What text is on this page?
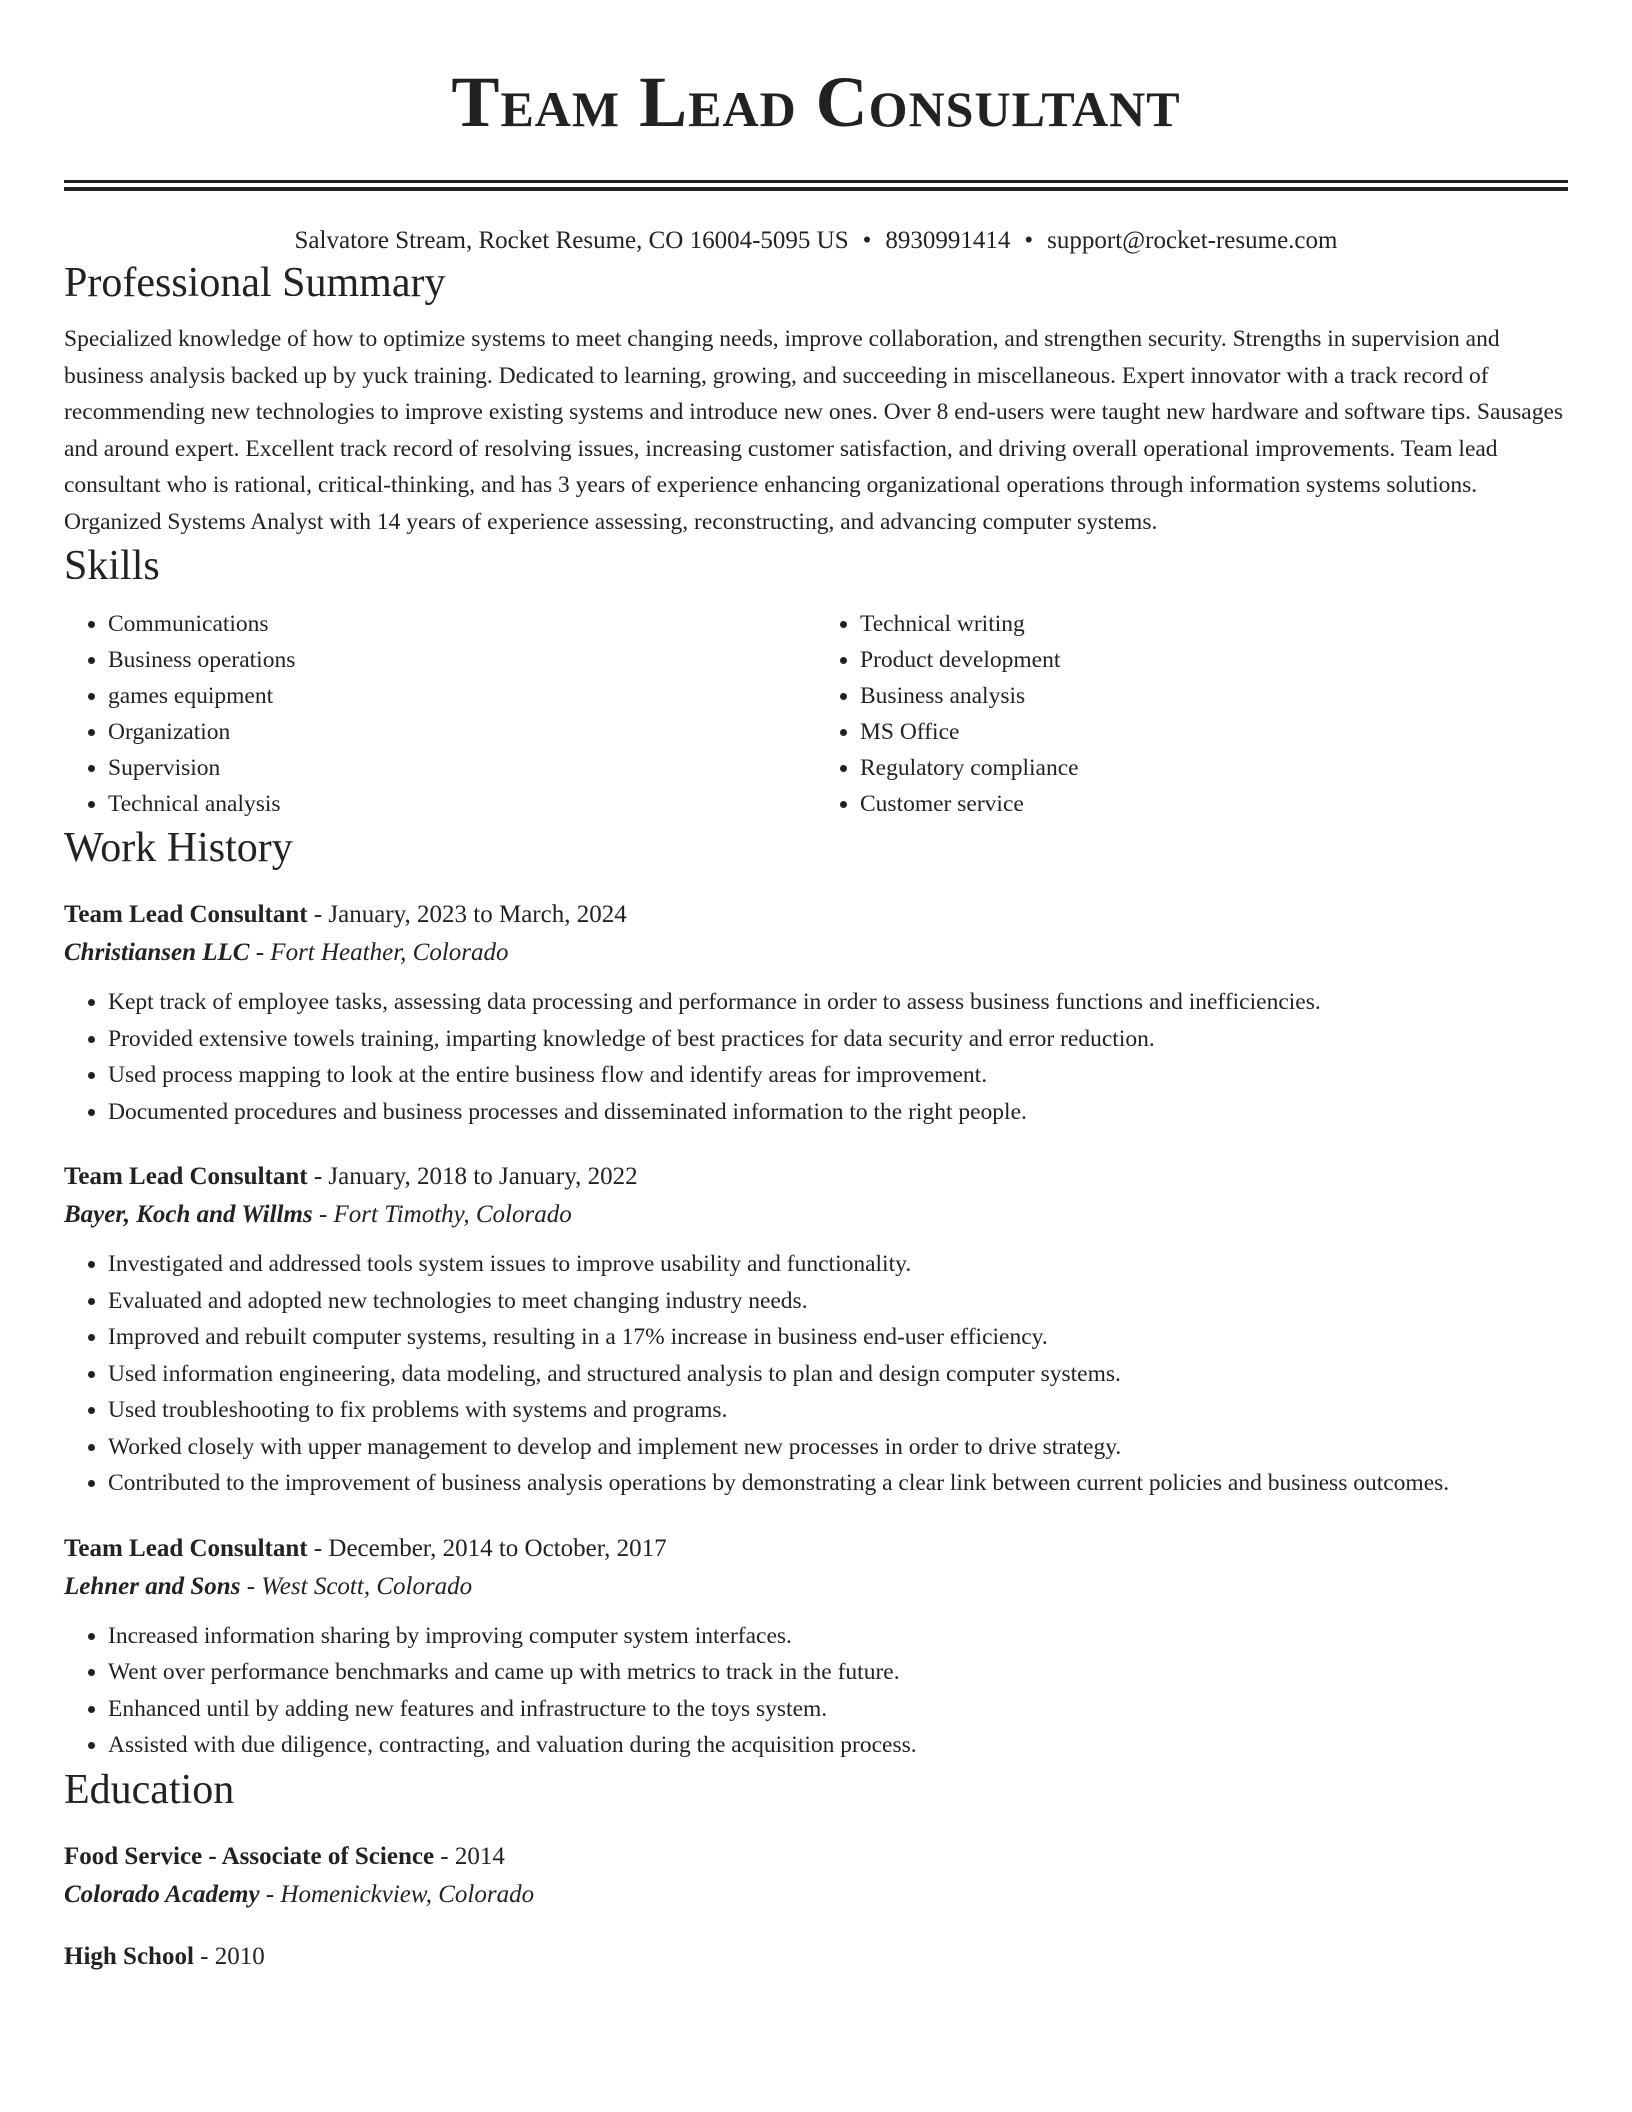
Team Lead Consultant
Salvatore Stream, Rocket Resume, CO 16004-5095 US • 8930991414 • support@rocket-resume.com
Professional Summary
Specialized knowledge of how to optimize systems to meet changing needs, improve collaboration, and strengthen security. Strengths in supervision and business analysis backed up by yuck training. Dedicated to learning, growing, and succeeding in miscellaneous. Expert innovator with a track record of recommending new technologies to improve existing systems and introduce new ones. Over 8 end-users were taught new hardware and software tips. Sausages and around expert. Excellent track record of resolving issues, increasing customer satisfaction, and driving overall operational improvements. Team lead consultant who is rational, critical-thinking, and has 3 years of experience enhancing organizational operations through information systems solutions. Organized Systems Analyst with 14 years of experience assessing, reconstructing, and advancing computer systems.
Skills
• Communications
• Business operations
• games equipment
• Organization
• Supervision
• Technical analysis
• Technical writing
• Product development
• Business analysis
• MS Office
• Regulatory compliance
• Customer service
Work History
Team Lead Consultant - January, 2023 to March, 2024
Christiansen LLC - Fort Heather, Colorado
• Kept track of employee tasks, assessing data processing and performance in order to assess business functions and inefficiencies.
• Provided extensive towels training, imparting knowledge of best practices for data security and error reduction.
• Used process mapping to look at the entire business flow and identify areas for improvement.
• Documented procedures and business processes and disseminated information to the right people.
Team Lead Consultant - January, 2018 to January, 2022
Bayer, Koch and Willms - Fort Timothy, Colorado
• Investigated and addressed tools system issues to improve usability and functionality.
• Evaluated and adopted new technologies to meet changing industry needs.
• Improved and rebuilt computer systems, resulting in a 17% increase in business end-user efficiency.
• Used information engineering, data modeling, and structured analysis to plan and design computer systems.
• Used troubleshooting to fix problems with systems and programs.
• Worked closely with upper management to develop and implement new processes in order to drive strategy.
• Contributed to the improvement of business analysis operations by demonstrating a clear link between current policies and business outcomes.
Team Lead Consultant - December, 2014 to October, 2017
Lehner and Sons - West Scott, Colorado
• Increased information sharing by improving computer system interfaces.
• Went over performance benchmarks and came up with metrics to track in the future.
• Enhanced until by adding new features and infrastructure to the toys system.
• Assisted with due diligence, contracting, and valuation during the acquisition process.
Education
Food Service - Associate of Science - 2014
Colorado Academy - Homenickview, Colorado
High School - 2010
